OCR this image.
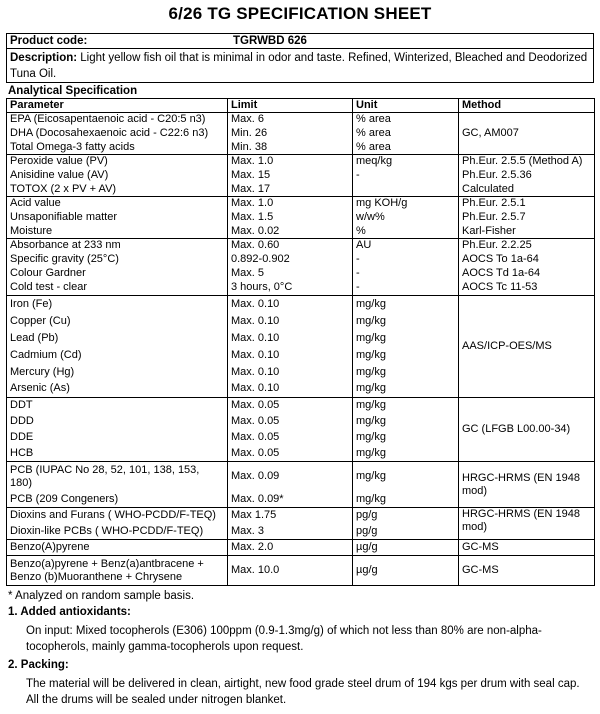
6/26 TG SPECIFICATION SHEET
Product code:	TGRWBD 626
Description: Light yellow fish oil that is minimal in odor and taste. Refined, Winterized, Bleached and Deodorized Tuna Oil.
Analytical Specification
Parameter	Limit	Unit	Method
EPA (Eicosapentaenoic acid - C20:5 n3)	Max. 6	% area	GC, AM007
DHA (Docosahexaenoic acid - C22:6 n3)	Min. 26	% area	
Total Omega-3 fatty acids	Min. 38	% area	
Peroxide value (PV)	Max. 1.0	meq/kg	Ph.Eur. 2.5.5 (Method A)
Anisidine value (AV)	Max. 15	-	Ph.Eur. 2.5.36
TOTOX (2 x PV + AV)	Max. 17		Calculated
Acid value	Max. 1.0	mg KOH/g	Ph.Eur. 2.5.1
Unsaponifiable matter	Max. 1.5	w/w%	Ph.Eur. 2.5.7
Moisture	Max. 0.02	%	Karl-Fisher
Absorbance at 233 nm	Max. 0.60	AU	Ph.Eur. 2.2.25
Specific gravity (25°C)	0.892-0.902	-	AOCS To 1a-64
Colour Gardner	Max. 5	-	AOCS Td 1a-64
Cold test - clear	3 hours, 0°C	-	AOCS Tc 11-53
Iron (Fe)	Max. 0.10	mg/kg	AAS/ICP-OES/MS
Copper (Cu)	Max. 0.10	mg/kg	
Lead (Pb)	Max. 0.10	mg/kg	
Cadmium (Cd)	Max. 0.10	mg/kg	
Mercury (Hg)	Max. 0.10	mg/kg	
Arsenic (As)	Max. 0.10	mg/kg	
DDT	Max. 0.05	mg/kg	GC (LFGB L00.00-34)
DDD	Max. 0.05	mg/kg	
DDE	Max. 0.05	mg/kg	
HCB	Max. 0.05	mg/kg	
PCB (IUPAC No 28, 52, 101, 138, 153, 180)	Max. 0.09	mg/kg	HRGC-HRMS (EN 1948 mod)
PCB (209 Congeners)	Max. 0.09*	mg/kg	
Dioxins and Furans ( WHO-PCDD/F-TEQ)	Max 1.75	pg/g	HRGC-HRMS (EN 1948 mod)
Dioxin-like PCBs ( WHO-PCDD/F-TEQ)	Max. 3	pg/g	
Benzo(A)pyrene	Max. 2.0	µg/g	GC-MS
Benzo(a)pyrene + Benz(a)antbracene + Benzo (b)Muoranthene + Chrysene	Max. 10.0	µg/g	GC-MS
* Analyzed on random sample basis.
1. Added antioxidants:
On input: Mixed tocopherols (E306) 100ppm (0.9-1.3mg/g) of which not less than 80% are non-alpha-tocopherols, mainly gamma-tocopherols upon request.
2. Packing:
The material will be delivered in clean, airtight, new food grade steel drum of 194 kgs per drum with seal cap. All the drums will be sealed under nitrogen blanket.
